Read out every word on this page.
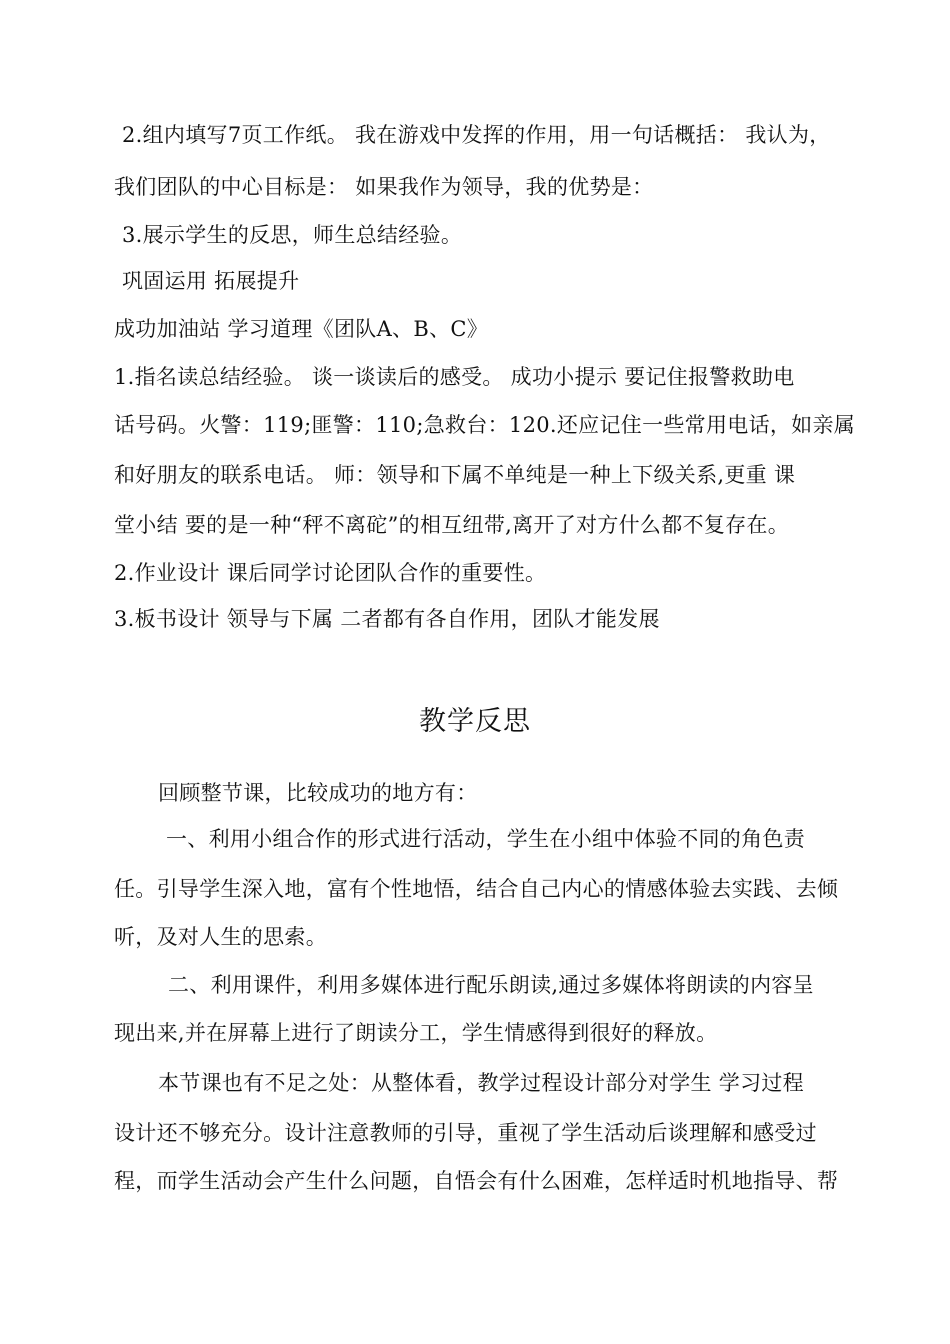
2.组内填写7页工作纸。 我在游戏中发挥的作用，用一句话概括： 我认为，
我们团队的中心目标是： 如果我作为领导，我的优势是：
3.展示学生的反思，师生总结经验。
巩固运用 拓展提升
成功加油站 学习道理《团队A、B、C》
1.指名读总结经验。 谈一谈读后的感受。 成功小提示 要记住报警救助电
话号码。火警：119;匪警：110;急救台：120.还应记住一些常用电话，如亲属
和好朋友的联系电话。 师：领导和下属不单纯是一种上下级关系,更重 课
堂小结 要的是一种“秤不离砣”的相互纽带,离开了对方什么都不复存在。
2.作业设计 课后同学讨论团队合作的重要性。
3.板书设计 领导与下属 二者都有各自作用，团队才能发展
教学反思
回顾整节课，比较成功的地方有：
一、利用小组合作的形式进行活动，学生在小组中体验不同的角色责
任。引导学生深入地，富有个性地悟，结合自己内心的情感体验去实践、去倾
听，及对人生的思索。
二、利用课件，利用多媒体进行配乐朗读,通过多媒体将朗读的内容呈
现出来,并在屏幕上进行了朗读分工，学生情感得到很好的释放。
本节课也有不足之处：从整体看，教学过程设计部分对学生 学习过程
设计还不够充分。设计注意教师的引导，重视了学生活动后谈理解和感受过
程，而学生活动会产生什么问题，自悟会有什么困难，怎样适时机地指导、帮
